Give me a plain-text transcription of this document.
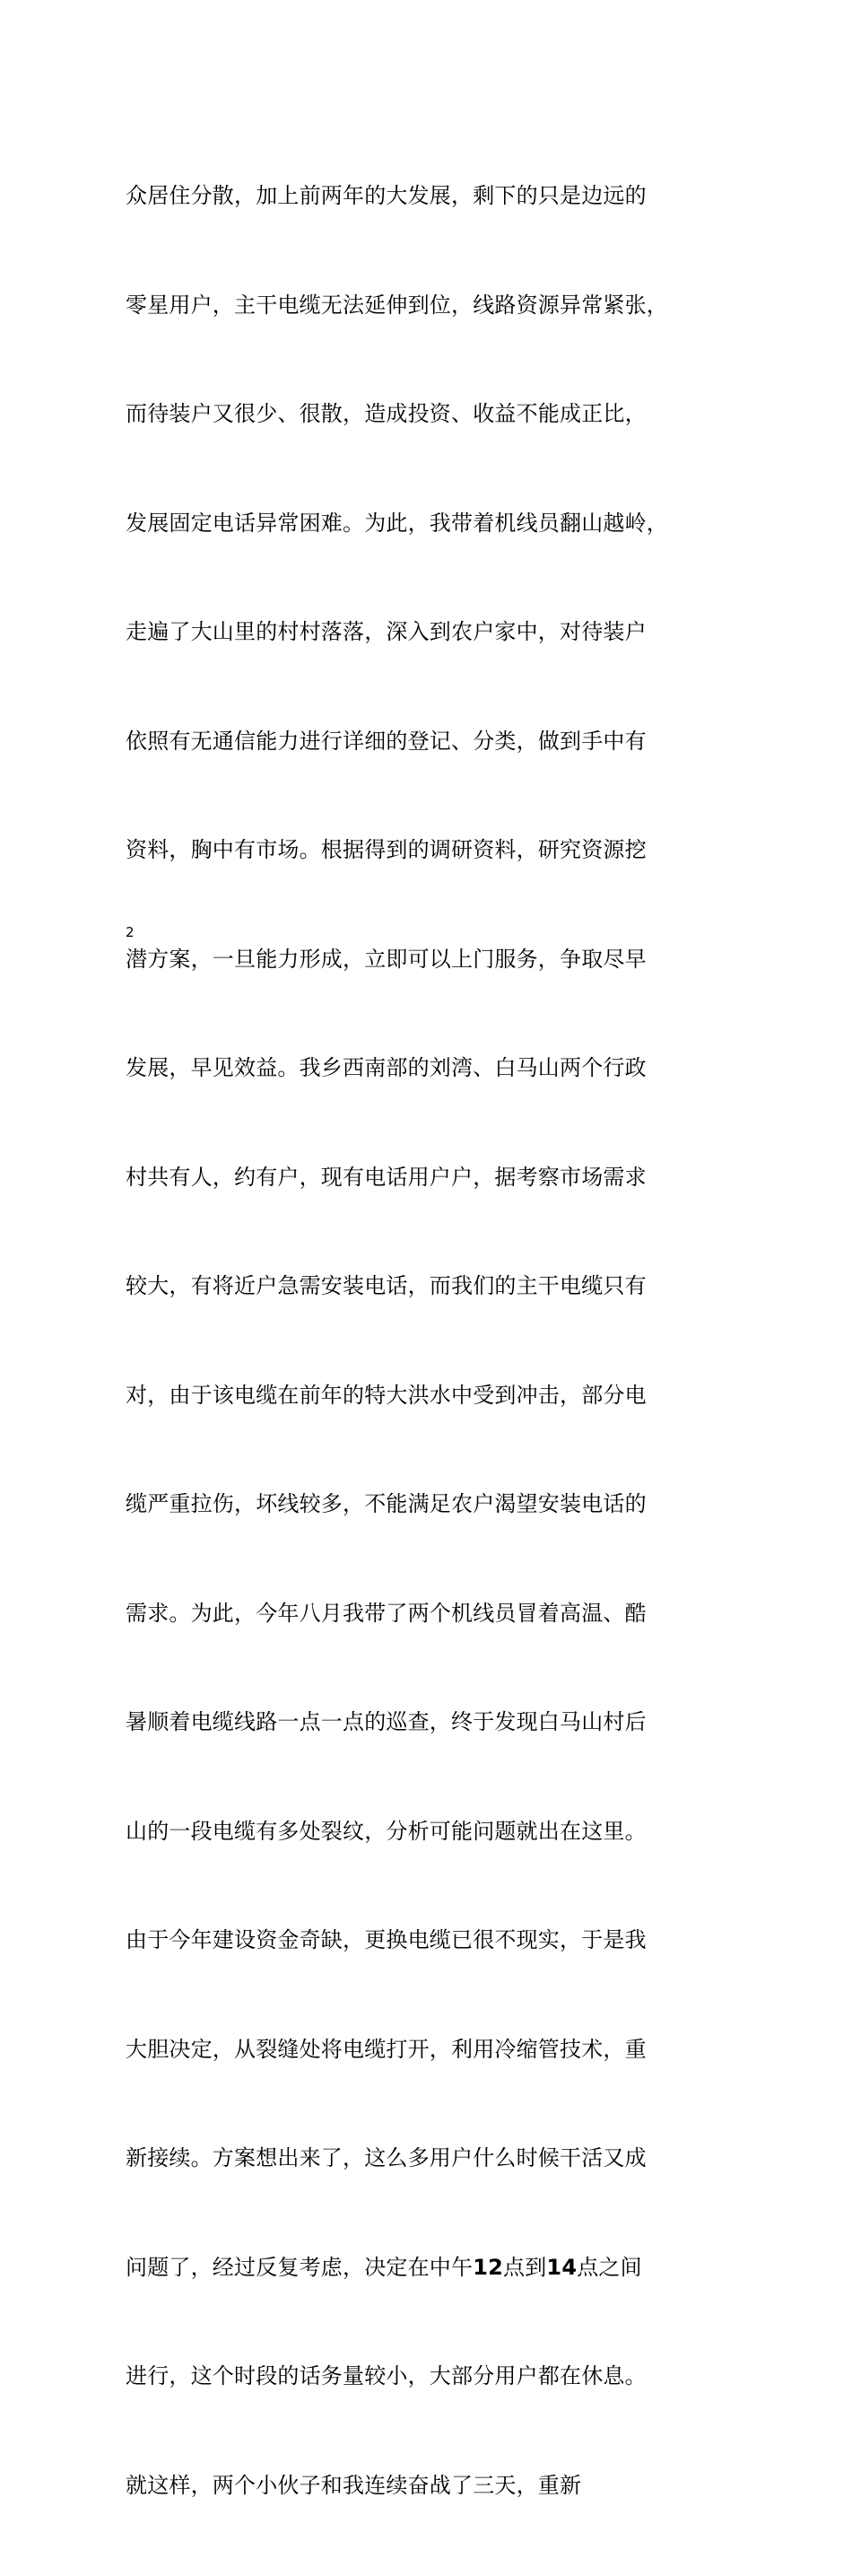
众居住分散，加上前两年的大发展，剩下的只是边远的

零星用户，主干电缆无法延伸到位，线路资源异常紧张，

而待装户又很少、很散，造成投资、收益不能成正比，

发展固定电话异常困难。为此，我带着机线员翻山越岭，

走遍了大山里的村村落落，深入到农户家中，对待装户

依照有无通信能力进行详细的登记、分类，做到手中有

资料，胸中有市场。根据得到的调研资料，研究资源挖

潜方案，一旦能力形成，立即可以上门服务，争取尽早

发展，早见效益。我乡西南部的刘湾、白马山两个行政

村共有人，约有户，现有电话用户户，据考察市场需求

较大，有将近户急需安装电话，而我们的主干电缆只有

对，由于该电缆在前年的特大洪水中受到冲击，部分电

缆严重拉伤，坏线较多，不能满足农户渴望安装电话的

需求。为此，今年八月我带了两个机线员冒着高温、酷

暑顺着电缆线路一点一点的巡查，终于发现白马山村后

山的一段电缆有多处裂纹，分析可能问题就出在这里。

由于今年建设资金奇缺，更换电缆已很不现实，于是我

大胆决定，从裂缝处将电缆打开，利用冷缩管技术，重

新接续。方案想出来了，这么多用户什么时候干活又成

问题了，经过反复考虑，决定在中午12点到14点之间

进行，这个时段的话务量较小，大部分用户都在休息。

就这样，两个小伙子和我连续奋战了三天，重新

2
